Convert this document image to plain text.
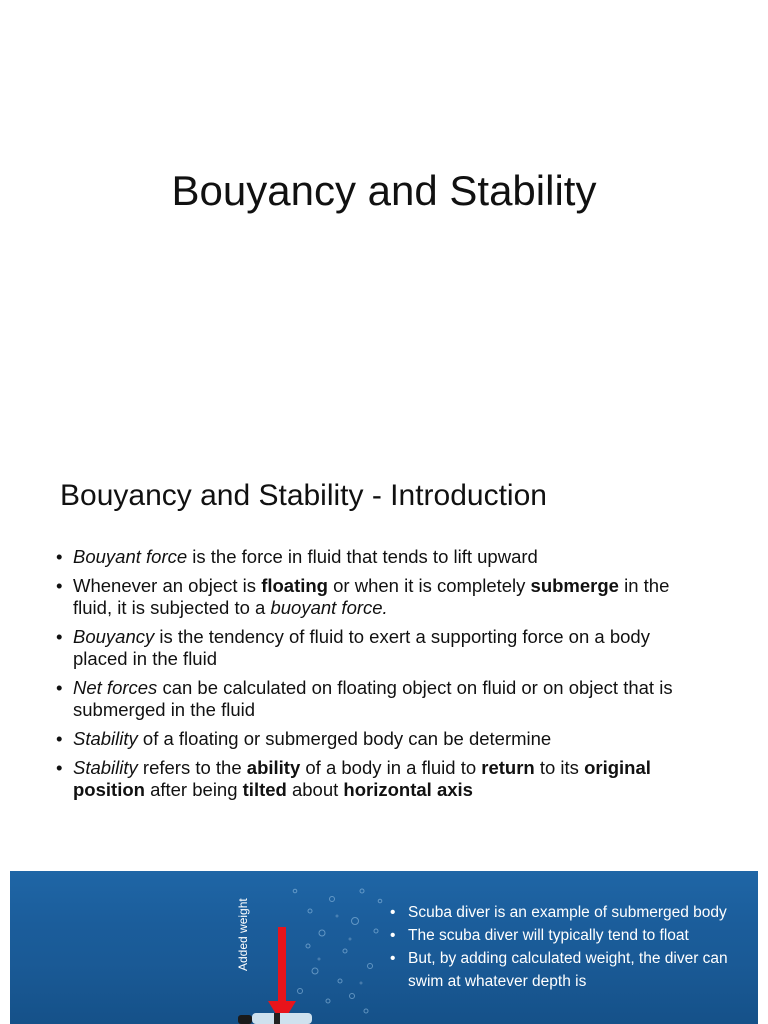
Bouyancy and Stability
Bouyancy and Stability - Introduction
• Bouyant force is the force in fluid that tends to lift upward
• Whenever an object is floating or when it is completely submerge in the fluid, it is subjected to a buoyant force.
• Bouyancy is the tendency of fluid to exert a supporting force on a body placed in the fluid
• Net forces can be calculated on floating object on fluid or on object that is submerged in the fluid
• Stability of a floating or submerged body can be determine
• Stability refers to the ability of a body in a fluid to return to its original position after being tilted about horizontal axis
Added weight	• Scuba diver is an example of submerged body
• The scuba diver will typically tend to float
• But, by adding calculated weight, the diver can swim at whatever depth is
